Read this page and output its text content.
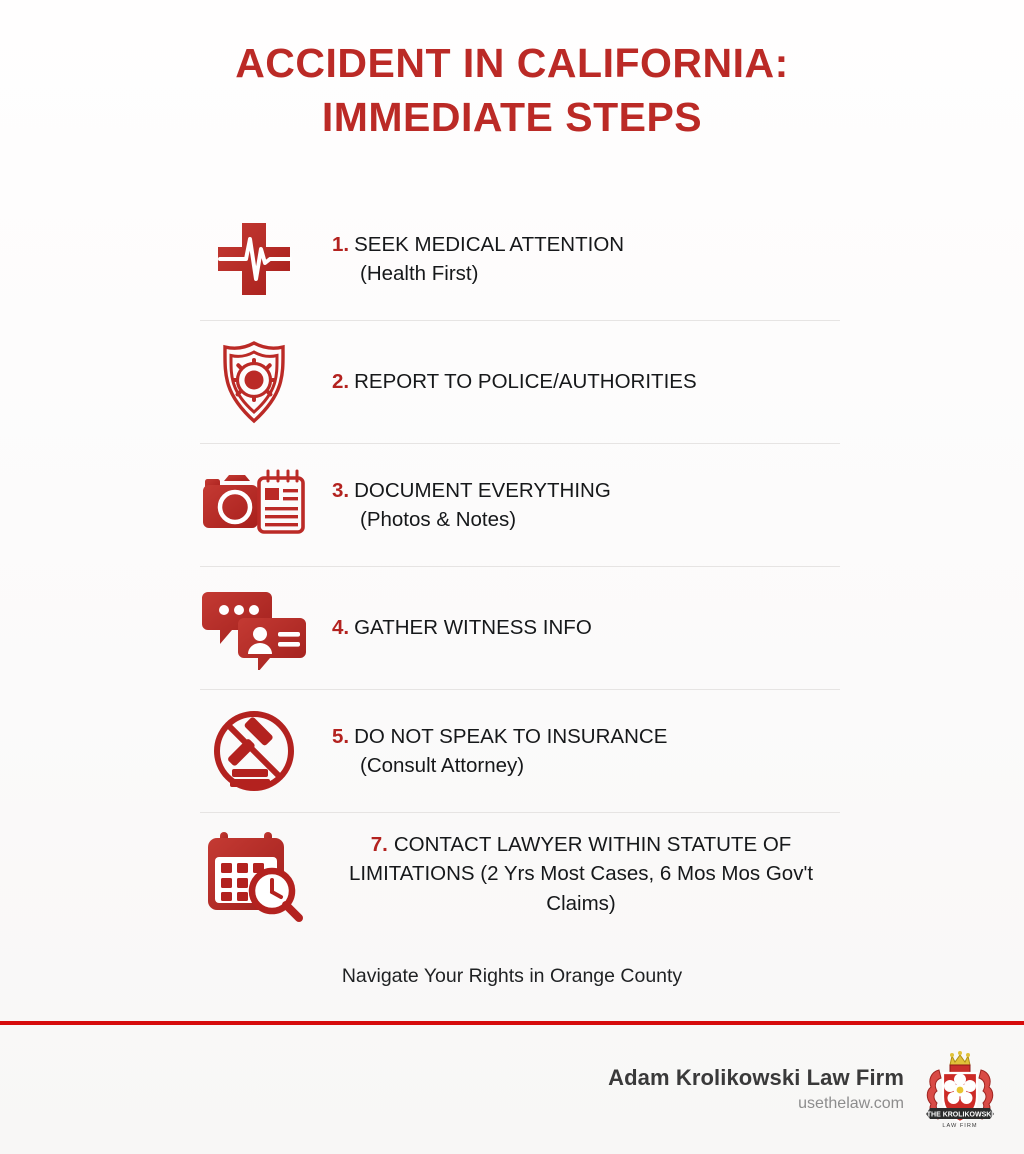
ACCIDENT IN CALIFORNIA:
IMMEDIATE STEPS
1. SEEK MEDICAL ATTENTION
(Health First)
2. REPORT TO POLICE/AUTHORITIES
3. DOCUMENT EVERYTHING
(Photos & Notes)
4. GATHER WITNESS INFO
5. DO NOT SPEAK TO INSURANCE
(Consult Attorney)
7. CONTACT LAWYER WITHIN STATUTE OF LIMITATIONS (2 Yrs Most Cases, 6 Mos Mos Gov't Claims)
Navigate Your Rights in Orange County
Adam Krolikowski Law Firm
usethelaw.com
THE KROLIKOWSKI
LAW FIRM
